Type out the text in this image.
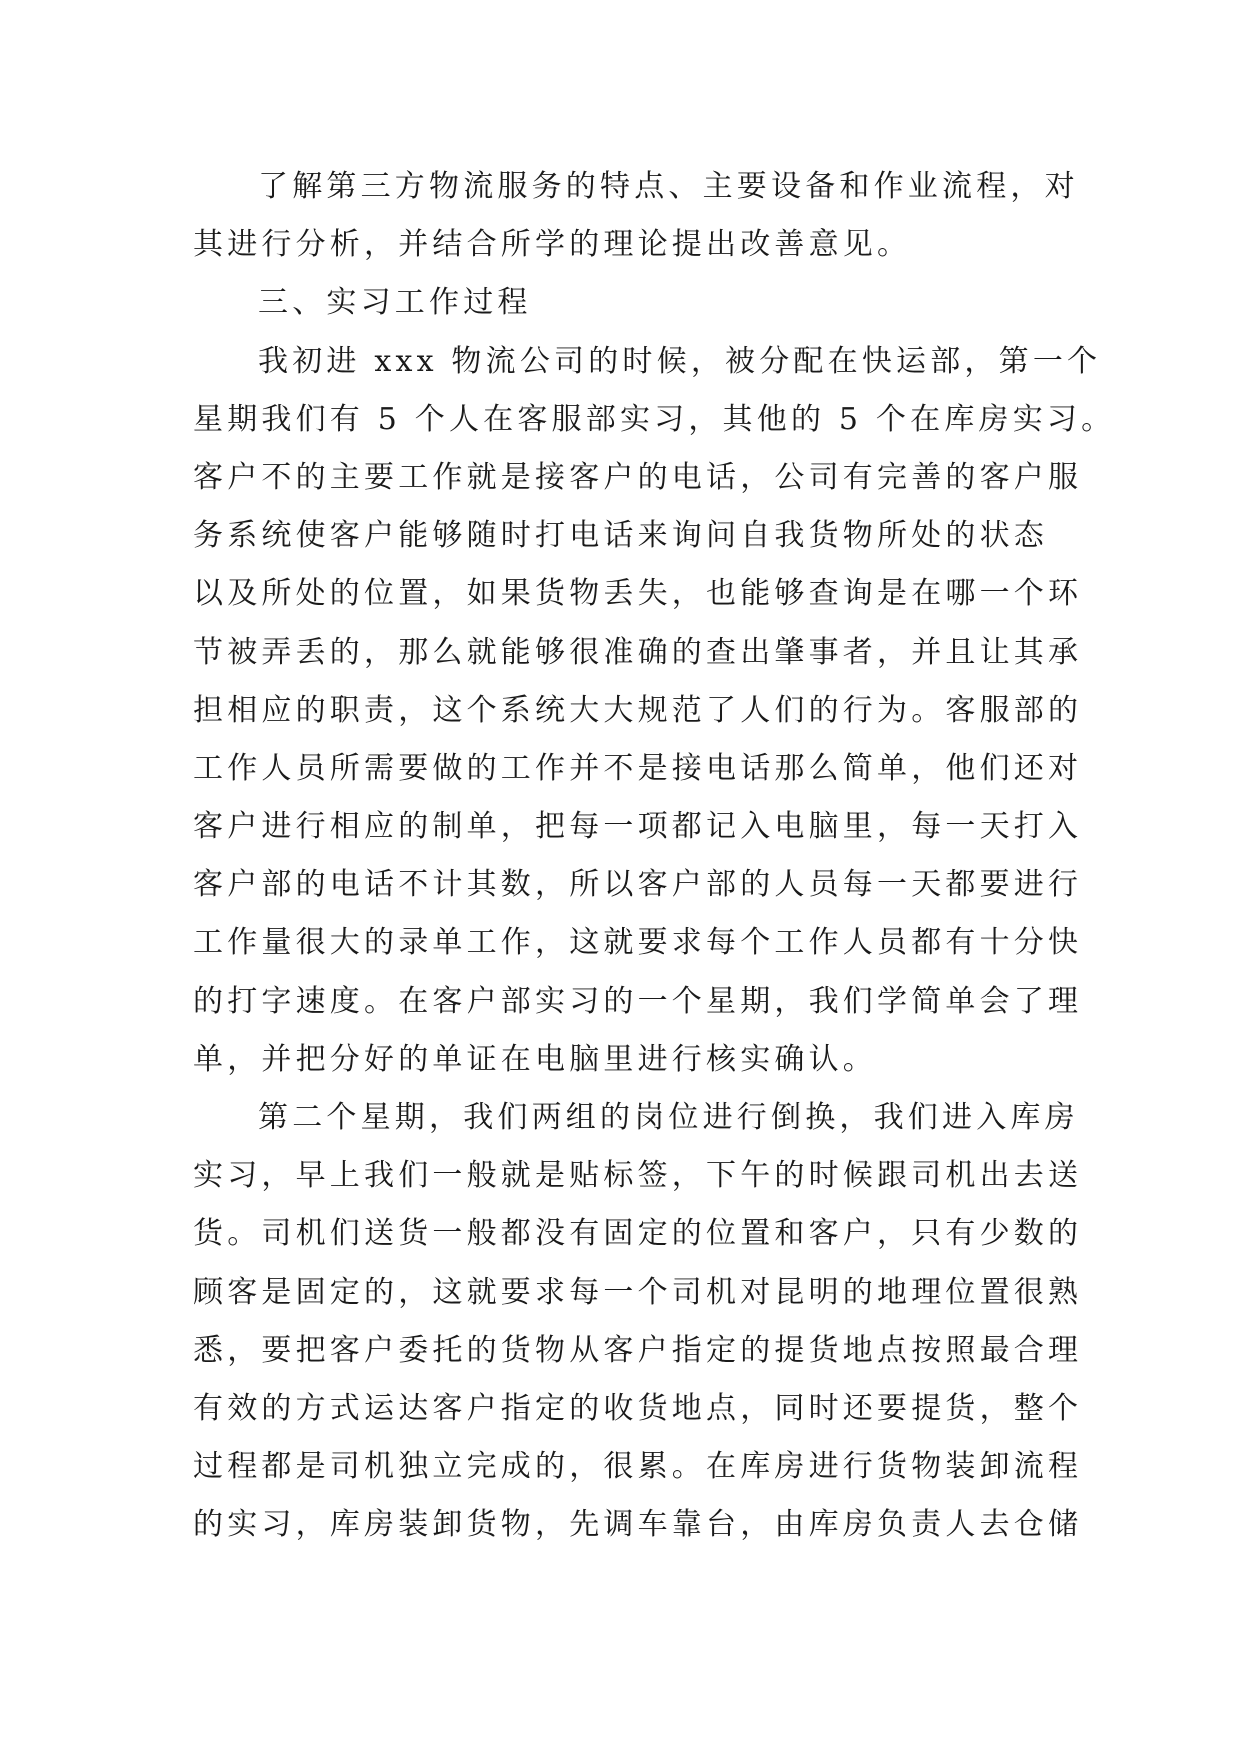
了解第三方物流服务的特点、主要设备和作业流程，对
其进行分析，并结合所学的理论提出改善意见。
三、实习工作过程
我初进 xxx 物流公司的时候，被分配在快运部，第一个
星期我们有 5 个人在客服部实习，其他的 5 个在库房实习。
客户不的主要工作就是接客户的电话，公司有完善的客户服
务系统使客户能够随时打电话来询问自我货物所处的状态
以及所处的位置，如果货物丢失，也能够查询是在哪一个环
节被弄丢的，那么就能够很准确的查出肇事者，并且让其承
担相应的职责，这个系统大大规范了人们的行为。客服部的
工作人员所需要做的工作并不是接电话那么简单，他们还对
客户进行相应的制单，把每一项都记入电脑里，每一天打入
客户部的电话不计其数，所以客户部的人员每一天都要进行
工作量很大的录单工作，这就要求每个工作人员都有十分快
的打字速度。在客户部实习的一个星期，我们学简单会了理
单，并把分好的单证在电脑里进行核实确认。
第二个星期，我们两组的岗位进行倒换，我们进入库房
实习，早上我们一般就是贴标签，下午的时候跟司机出去送
货。司机们送货一般都没有固定的位置和客户，只有少数的
顾客是固定的，这就要求每一个司机对昆明的地理位置很熟
悉，要把客户委托的货物从客户指定的提货地点按照最合理
有效的方式运达客户指定的收货地点，同时还要提货，整个
过程都是司机独立完成的，很累。在库房进行货物装卸流程
的实习，库房装卸货物，先调车靠台，由库房负责人去仓储
